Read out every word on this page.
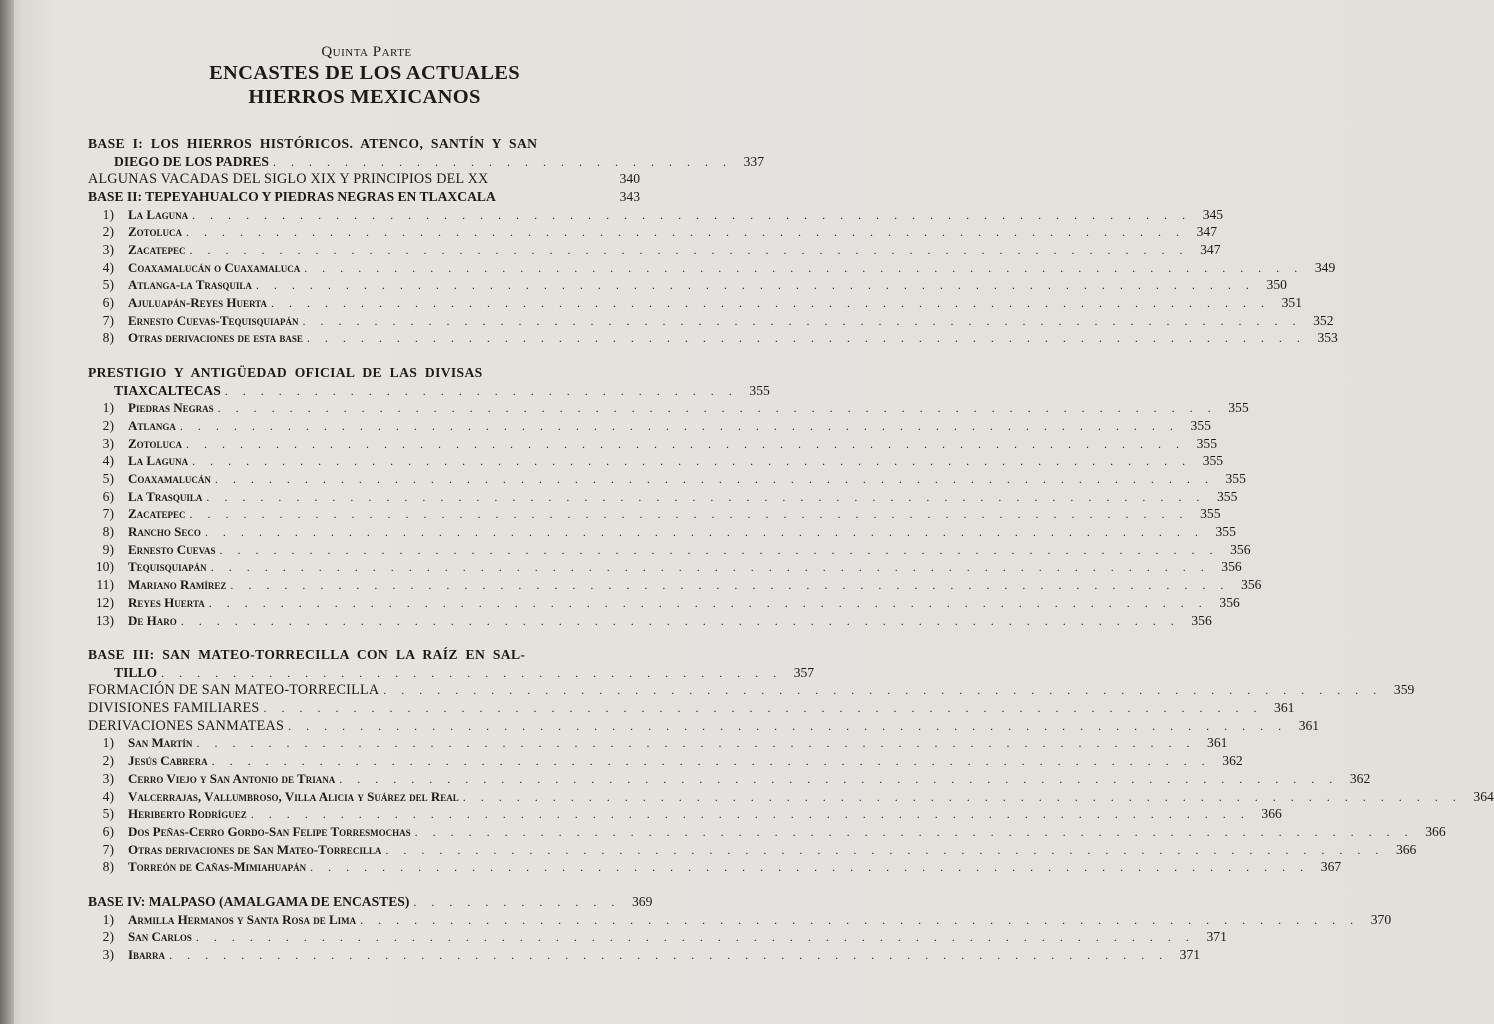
Quinta Parte
ENCASTES DE LOS ACTUALES
HIERROS MEXICANOS
BASE I: LOS HIERROS HISTÓRICOS. ATENCO, SANTÍN Y SAN
DIEGO DE LOS PADRES . . . . . . . . . . . . . . . . . . . . . . . . . . 337
ALGUNAS VACADAS DEL SIGLO XIX Y PRINCIPIOS DEL XX	340
BASE II: TEPEYAHUALCO Y PIEDRAS NEGRAS EN TLAXCALA	343
1) La Laguna . . . . . . . . . . . . . . . . . . . . . . . . . . . . . . . . . . . . . . . . . . . . . . . . . . . . . . . . 345
2) Zotoluca . . . . . . . . . . . . . . . . . . . . . . . . . . . . . . . . . . . . . . . . . . . . . . . . . . . . . . . . 347
3) Zacatepec . . . . . . . . . . . . . . . . . . . . . . . . . . . . . . . . . . . . . . . . . . . . . . . . . . . . . . . . 347
4) Coaxamalucán o Cuaxamaluca . . . . . . . . . . . . . . . . . . . . . . . . . . . . . . . . . . . . . . . . . . . . . . . . . . . . . . . . 349
5) Atlanga-la Trasquila . . . . . . . . . . . . . . . . . . . . . . . . . . . . . . . . . . . . . . . . . . . . . . . . . . . . . . . . 350
6) Ajuluapán-Reyes Huerta . . . . . . . . . . . . . . . . . . . . . . . . . . . . . . . . . . . . . . . . . . . . . . . . . . . . . . . . 351
7) Ernesto Cuevas-Tequisquiapán . . . . . . . . . . . . . . . . . . . . . . . . . . . . . . . . . . . . . . . . . . . . . . . . . . . . . . . . 352
8) Otras derivaciones de esta base . . . . . . . . . . . . . . . . . . . . . . . . . . . . . . . . . . . . . . . . . . . . . . . . . . . . . . . . 353
PRESTIGIO Y ANTIGÜEDAD OFICIAL DE LAS DIVISAS
TIAXCALTECAS . . . . . . . . . . . . . . . . . . . . . . . . . . . . . 355
1) Piedras Negras . . . . . . . . . . . . . . . . . . . . . . . . . . . . . . . . . . . . . . . . . . . . . . . . . . . . . . . . 355
2) Atlanga . . . . . . . . . . . . . . . . . . . . . . . . . . . . . . . . . . . . . . . . . . . . . . . . . . . . . . . . 355
3) Zotoluca . . . . . . . . . . . . . . . . . . . . . . . . . . . . . . . . . . . . . . . . . . . . . . . . . . . . . . . . 355
4) La Laguna . . . . . . . . . . . . . . . . . . . . . . . . . . . . . . . . . . . . . . . . . . . . . . . . . . . . . . . . 355
5) Coaxamalucán . . . . . . . . . . . . . . . . . . . . . . . . . . . . . . . . . . . . . . . . . . . . . . . . . . . . . . . . 355
6) La Trasquila . . . . . . . . . . . . . . . . . . . . . . . . . . . . . . . . . . . . . . . . . . . . . . . . . . . . . . . . 355
7) Zacatepec . . . . . . . . . . . . . . . . . . . . . . . . . . . . . . . . . . . . . . . . . . . . . . . . . . . . . . . . 355
8) Rancho Seco . . . . . . . . . . . . . . . . . . . . . . . . . . . . . . . . . . . . . . . . . . . . . . . . . . . . . . . . 355
9) Ernesto Cuevas . . . . . . . . . . . . . . . . . . . . . . . . . . . . . . . . . . . . . . . . . . . . . . . . . . . . . . . . 356
10) Tequisquiapán . . . . . . . . . . . . . . . . . . . . . . . . . . . . . . . . . . . . . . . . . . . . . . . . . . . . . . . . 356
11) Mariano Ramírez . . . . . . . . . . . . . . . . . . . . . . . . . . . . . . . . . . . . . . . . . . . . . . . . . . . . . . . . 356
12) Reyes Huerta . . . . . . . . . . . . . . . . . . . . . . . . . . . . . . . . . . . . . . . . . . . . . . . . . . . . . . . . 356
13) De Haro . . . . . . . . . . . . . . . . . . . . . . . . . . . . . . . . . . . . . . . . . . . . . . . . . . . . . . . . 356
BASE III: SAN MATEO-TORRECILLA CON LA RAÍZ EN SAL-
TILLO . . . . . . . . . . . . . . . . . . . . . . . . . . . . . . . . . . . 357
FORMACIÓN DE SAN MATEO-TORRECILLA . . . . . . . . . . . . . . . . . . . . . . . . . . . . . . . . . . . . . . . . . . . . . . . . . . . . . . . . 359
DIVISIONES FAMILIARES . . . . . . . . . . . . . . . . . . . . . . . . . . . . . . . . . . . . . . . . . . . . . . . . . . . . . . . . 361
DERIVACIONES SANMATEAS . . . . . . . . . . . . . . . . . . . . . . . . . . . . . . . . . . . . . . . . . . . . . . . . . . . . . . . . 361
1) San Martín . . . . . . . . . . . . . . . . . . . . . . . . . . . . . . . . . . . . . . . . . . . . . . . . . . . . . . . . 361
2) Jesús Cabrera . . . . . . . . . . . . . . . . . . . . . . . . . . . . . . . . . . . . . . . . . . . . . . . . . . . . . . . . 362
3) Cerro Viejo y San Antonio de Triana . . . . . . . . . . . . . . . . . . . . . . . . . . . . . . . . . . . . . . . . . . . . . . . . . . . . . . . . 362
4) Valcerrajas, Vallumbroso, Villa Alicia y Suárez del Real . . . . . . . . . . . . . . . . . . . . . . . . . . . . . . . . . . . . . . . . . . . . . . . . . . . . . . . . 364
5) Heriberto Rodríguez . . . . . . . . . . . . . . . . . . . . . . . . . . . . . . . . . . . . . . . . . . . . . . . . . . . . . . . . 366
6) Dos Peñas-Cerro Gordo-San Felipe Torresmochas . . . . . . . . . . . . . . . . . . . . . . . . . . . . . . . . . . . . . . . . . . . . . . . . . . . . . . . . 366
7) Otras derivaciones de San Mateo-Torrecilla . . . . . . . . . . . . . . . . . . . . . . . . . . . . . . . . . . . . . . . . . . . . . . . . . . . . . . . . 366
8) Torreón de Cañas-Mimiahuapán . . . . . . . . . . . . . . . . . . . . . . . . . . . . . . . . . . . . . . . . . . . . . . . . . . . . . . . . 367
BASE IV: MALPASO (AMALGAMA DE ENCASTES) . . . . . . . . . . . . 369
1) Armilla Hermanos y Santa Rosa de Lima . . . . . . . . . . . . . . . . . . . . . . . . . . . . . . . . . . . . . . . . . . . . . . . . . . . . . . . . 370
2) San Carlos . . . . . . . . . . . . . . . . . . . . . . . . . . . . . . . . . . . . . . . . . . . . . . . . . . . . . . . . 371
3) Ibarra . . . . . . . . . . . . . . . . . . . . . . . . . . . . . . . . . . . . . . . . . . . . . . . . . . . . . . . . 371
